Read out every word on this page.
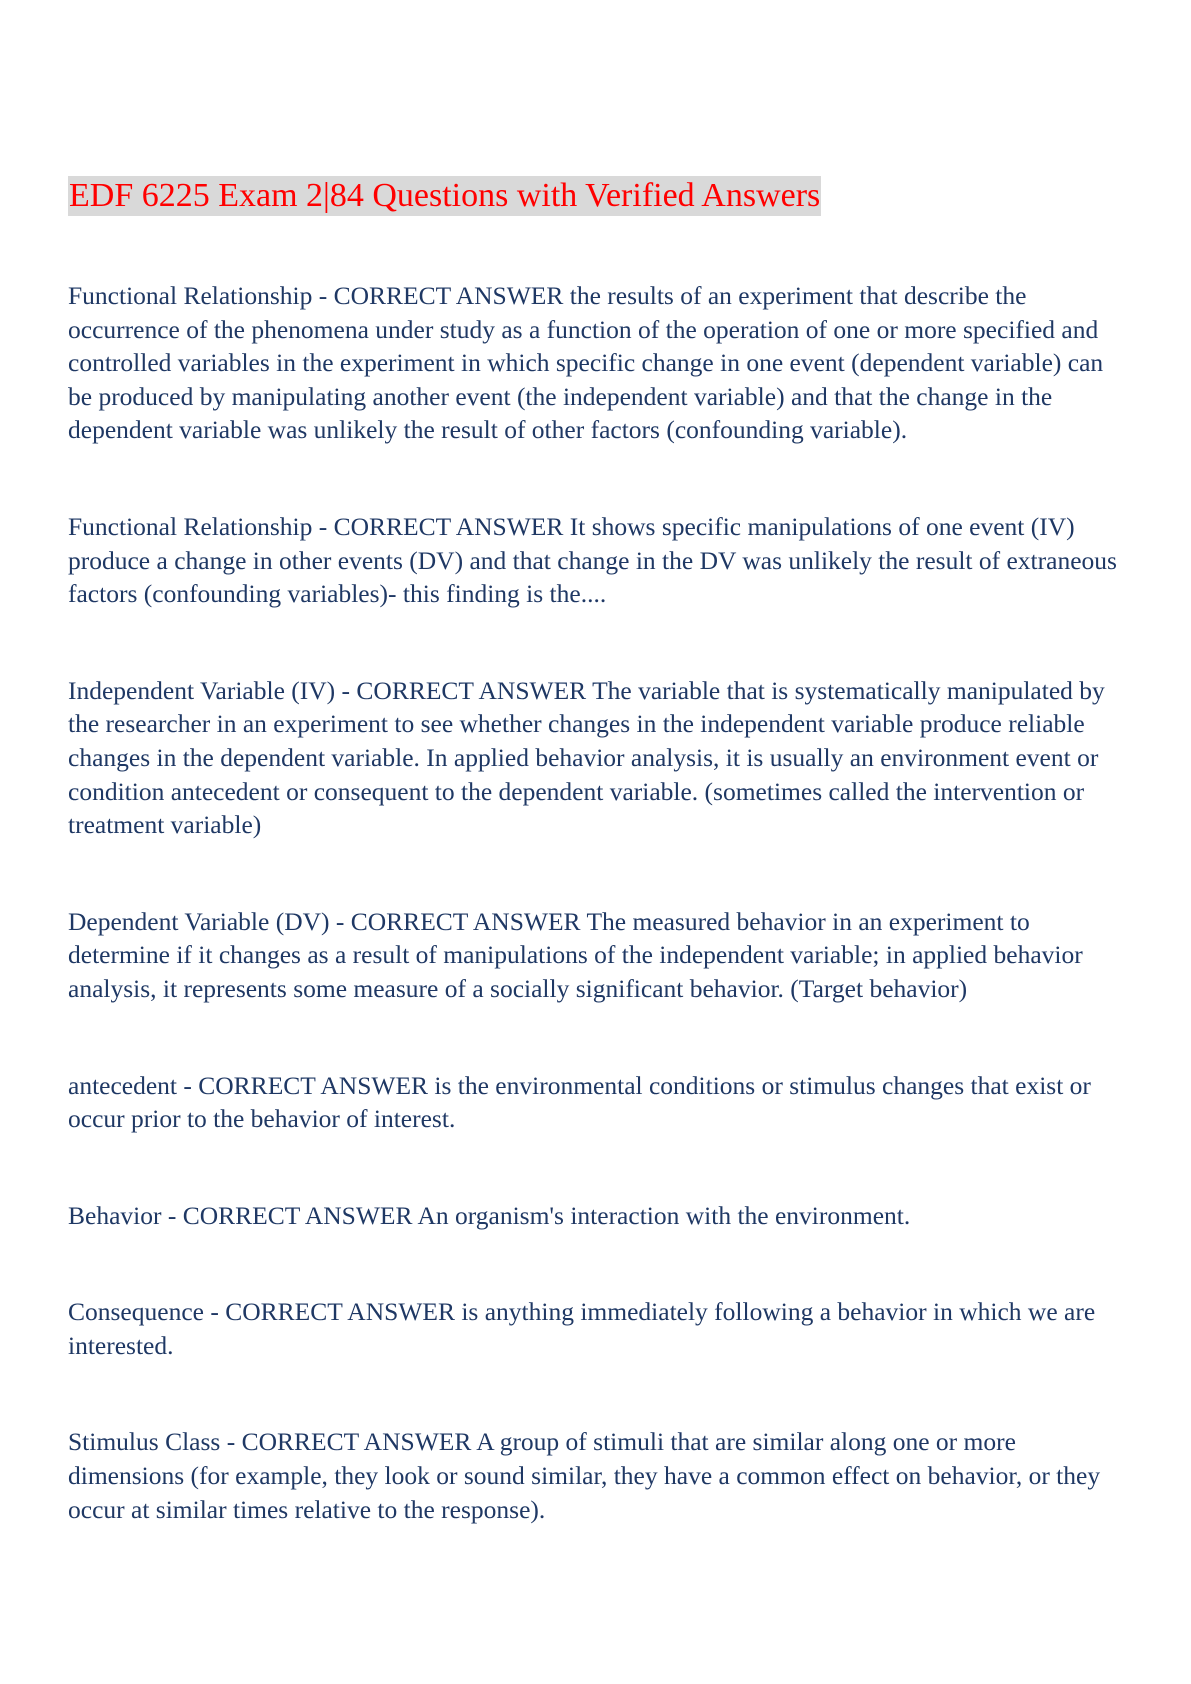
EDF 6225 Exam 2|84 Questions with Verified Answers

Functional Relationship - CORRECT ANSWER the results of an experiment that describe the occurrence of the phenomena under study as a function of the operation of one or more specified and controlled variables in the experiment in which specific change in one event (dependent variable) can be produced by manipulating another event (the independent variable) and that the change in the dependent variable was unlikely the result of other factors (confounding variable).

Functional Relationship - CORRECT ANSWER It shows specific manipulations of one event (IV) produce a change in other events (DV) and that change in the DV was unlikely the result of extraneous factors (confounding variables)- this finding is the....

Independent Variable (IV) - CORRECT ANSWER The variable that is systematically manipulated by the researcher in an experiment to see whether changes in the independent variable produce reliable changes in the dependent variable. In applied behavior analysis, it is usually an environment event or condition antecedent or consequent to the dependent variable. (sometimes called the intervention or treatment variable)

Dependent Variable (DV) - CORRECT ANSWER The measured behavior in an experiment to determine if it changes as a result of manipulations of the independent variable; in applied behavior analysis, it represents some measure of a socially significant behavior. (Target behavior)

antecedent - CORRECT ANSWER is the environmental conditions or stimulus changes that exist or occur prior to the behavior of interest.

Behavior - CORRECT ANSWER An organism's interaction with the environment.

Consequence - CORRECT ANSWER is anything immediately following a behavior in which we are interested.

Stimulus Class - CORRECT ANSWER A group of stimuli that are similar along one or more dimensions (for example, they look or sound similar, they have a common effect on behavior, or they occur at similar times relative to the response).
